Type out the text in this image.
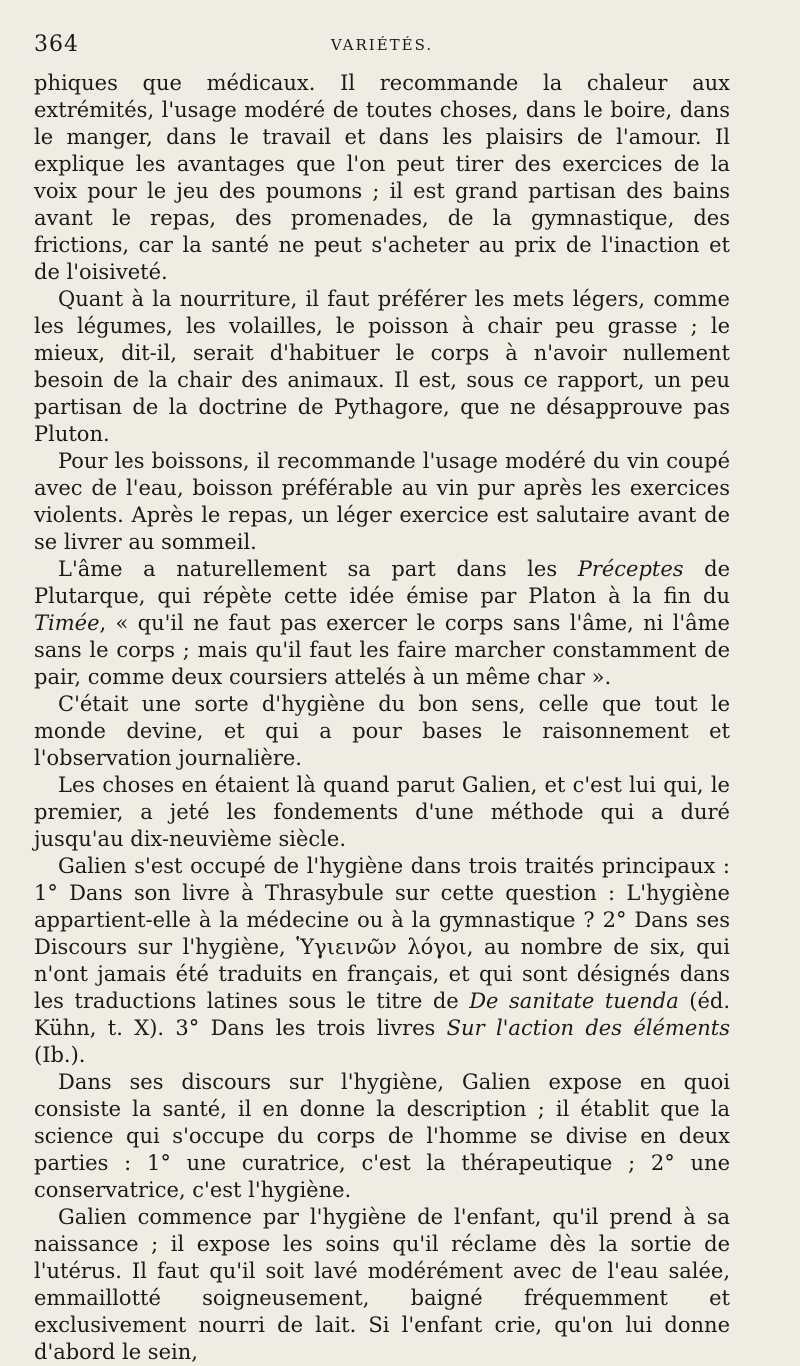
364	VARIÉTÉS.

phiques que médicaux. Il recommande la chaleur aux extrémités, l'usage modéré de toutes choses, dans le boire, dans le manger, dans le travail et dans les plaisirs de l'amour. Il explique les avantages que l'on peut tirer des exercices de la voix pour le jeu des poumons ; il est grand partisan des bains avant le repas, des promenades, de la gymnastique, des frictions, car la santé ne peut s'acheter au prix de l'inaction et de l'oisiveté.

Quant à la nourriture, il faut préférer les mets légers, comme les légumes, les volailles, le poisson à chair peu grasse ; le mieux, dit-il, serait d'habituer le corps à n'avoir nullement besoin de la chair des animaux. Il est, sous ce rapport, un peu partisan de la doctrine de Pythagore, que ne désapprouve pas Pluton.

Pour les boissons, il recommande l'usage modéré du vin coupé avec de l'eau, boisson préférable au vin pur après les exercices violents. Après le repas, un léger exercice est salutaire avant de se livrer au sommeil.

L'âme a naturellement sa part dans les Préceptes de Plutarque, qui répète cette idée émise par Platon à la fin du Timée, « qu'il ne faut pas exercer le corps sans l'âme, ni l'âme sans le corps ; mais qu'il faut les faire marcher constamment de pair, comme deux coursiers attelés à un même char ».

C'était une sorte d'hygiène du bon sens, celle que tout le monde devine, et qui a pour bases le raisonnement et l'observation journalière.

Les choses en étaient là quand parut Galien, et c'est lui qui, le premier, a jeté les fondements d'une méthode qui a duré jusqu'au dix-neuvième siècle.

Galien s'est occupé de l'hygiène dans trois traités principaux : 1° Dans son livre à Thrasybule sur cette question : L'hygiène appartient-elle à la médecine ou à la gymnastique ? 2° Dans ses Discours sur l'hygiène, Ὑγιεινῶν λόγοι, au nombre de six, qui n'ont jamais été traduits en français, et qui sont désignés dans les traductions latines sous le titre de De sanitate tuenda (éd. Kühn, t. X). 3° Dans les trois livres Sur l'action des éléments (Ib.).

Dans ses discours sur l'hygiène, Galien expose en quoi consiste la santé, il en donne la description ; il établit que la science qui s'occupe du corps de l'homme se divise en deux parties : 1° une curatrice, c'est la thérapeutique ; 2° une conservatrice, c'est l'hygiène.

Galien commence par l'hygiène de l'enfant, qu'il prend à sa naissance ; il expose les soins qu'il réclame dès la sortie de l'utérus. Il faut qu'il soit lavé modérément avec de l'eau salée, emmaillotté soigneusement, baigné fréquemment et exclusivement nourri de lait. Si l'enfant crie, qu'on lui donne d'abord le sein,
